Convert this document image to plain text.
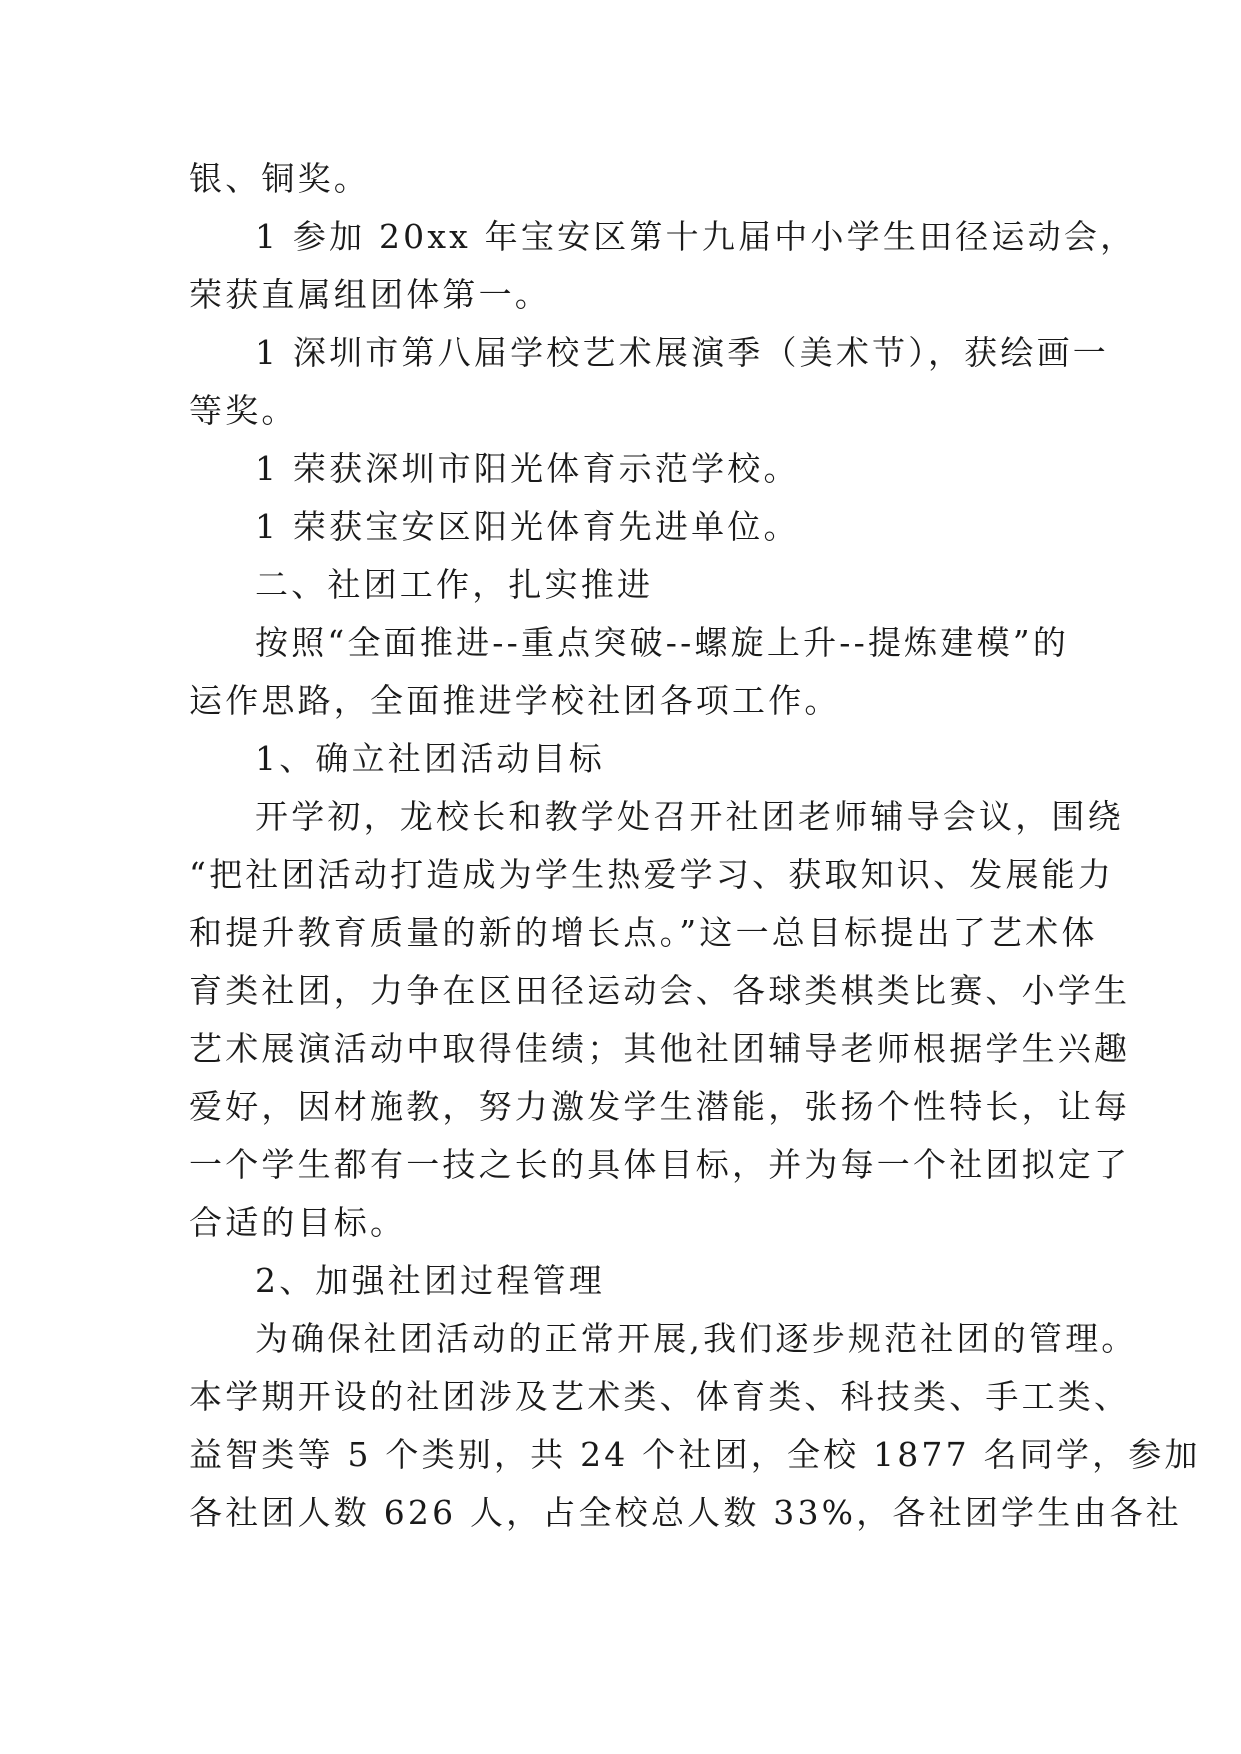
银、铜奖。

1 参加 20xx 年宝安区第十九届中小学生田径运动会，

荣获直属组团体第一。

1 深圳市第八届学校艺术展演季（美术节），获绘画一

等奖。

1 荣获深圳市阳光体育示范学校。

1 荣获宝安区阳光体育先进单位。

二、社团工作，扎实推进

按照“全面推进--重点突破--螺旋上升--提炼建模”的

运作思路，全面推进学校社团各项工作。

1、确立社团活动目标

开学初，龙校长和教学处召开社团老师辅导会议，围绕

“把社团活动打造成为学生热爱学习、获取知识、发展能力

和提升教育质量的新的增长点。”这一总目标提出了艺术体

育类社团，力争在区田径运动会、各球类棋类比赛、小学生

艺术展演活动中取得佳绩；其他社团辅导老师根据学生兴趣

爱好，因材施教，努力激发学生潜能，张扬个性特长，让每

一个学生都有一技之长的具体目标，并为每一个社团拟定了

合适的目标。

2、加强社团过程管理

为确保社团活动的正常开展,我们逐步规范社团的管理。

本学期开设的社团涉及艺术类、体育类、科技类、手工类、

益智类等 5 个类别，共 24 个社团，全校 1877 名同学，参加

各社团人数 626 人，占全校总人数 33%，各社团学生由各社
